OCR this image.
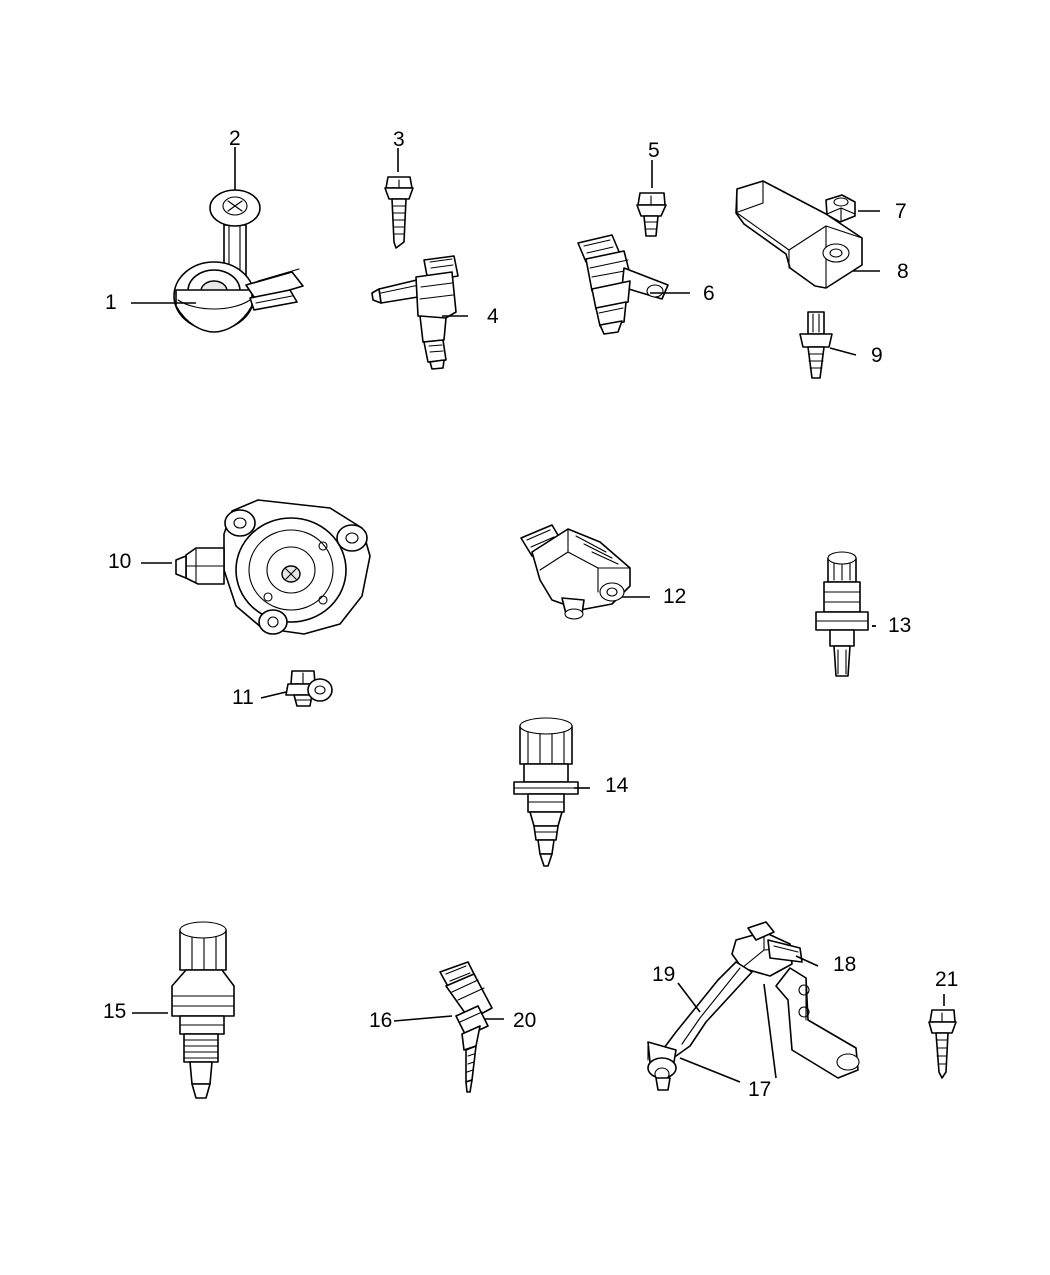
1
2	3
4
5
6
7
8
9
10
11
12
13
14
15	16
17
18
19
20
21
